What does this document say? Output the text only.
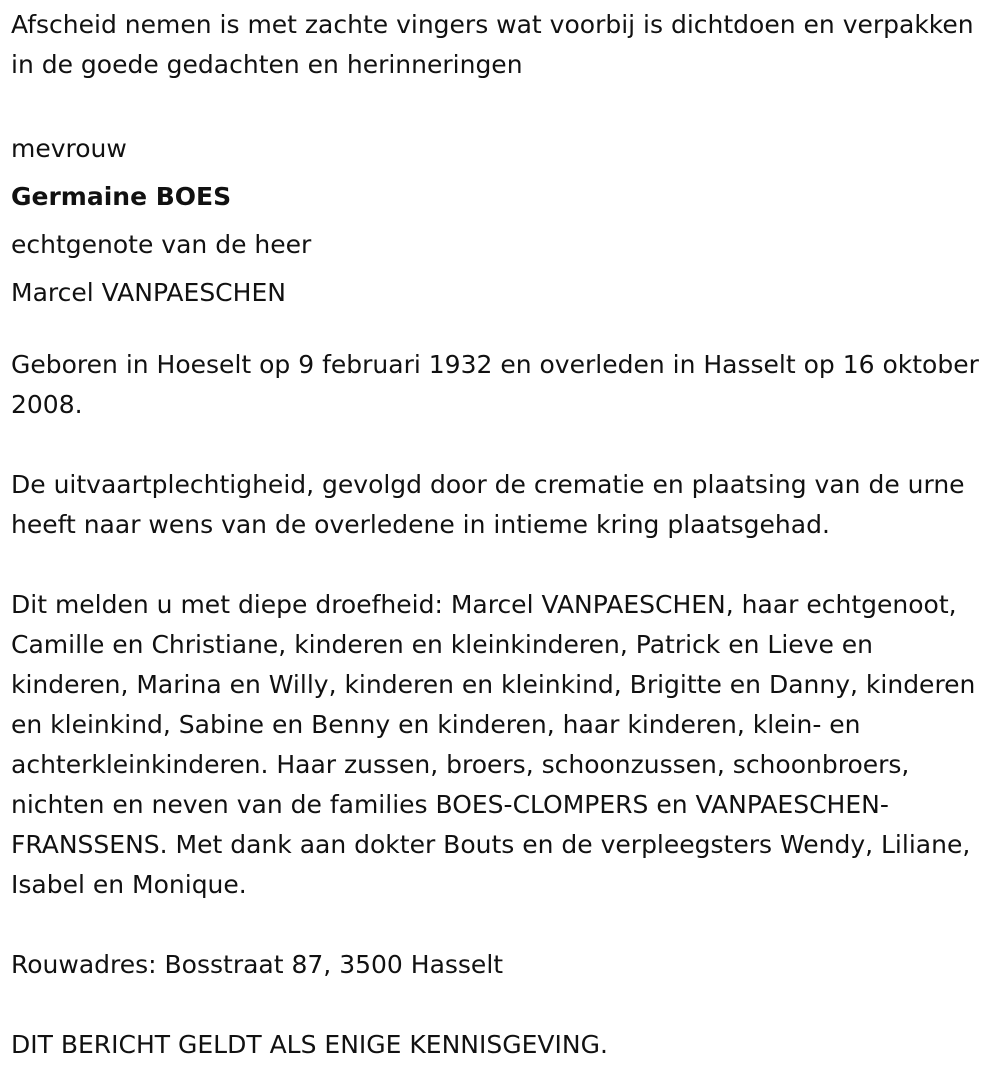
Afscheid nemen is met zachte vingers wat voorbij is dichtdoen en verpakken in de goede gedachten en herinneringen

mevrouw
Germaine BOES
echtgenote van de heer
Marcel VANPAESCHEN

Geboren in Hoeselt op 9 februari 1932 en overleden in Hasselt op 16 oktober 2008.

De uitvaartplechtigheid, gevolgd door de crematie en plaatsing van de urne heeft naar wens van de overledene in intieme kring plaatsgehad.

Dit melden u met diepe droefheid: Marcel VANPAESCHEN, haar echtgenoot, Camille en Christiane, kinderen en kleinkinderen, Patrick en Lieve en kinderen, Marina en Willy, kinderen en kleinkind, Brigitte en Danny, kinderen en kleinkind, Sabine en Benny en kinderen, haar kinderen, klein- en achterkleinkinderen. Haar zussen, broers, schoonzussen, schoonbroers, nichten en neven van de families BOES-CLOMPERS en VANPAESCHEN-FRANSSENS. Met dank aan dokter Bouts en de verpleegsters Wendy, Liliane, Isabel en Monique.

Rouwadres: Bosstraat 87, 3500 Hasselt

DIT BERICHT GELDT ALS ENIGE KENNISGEVING.
